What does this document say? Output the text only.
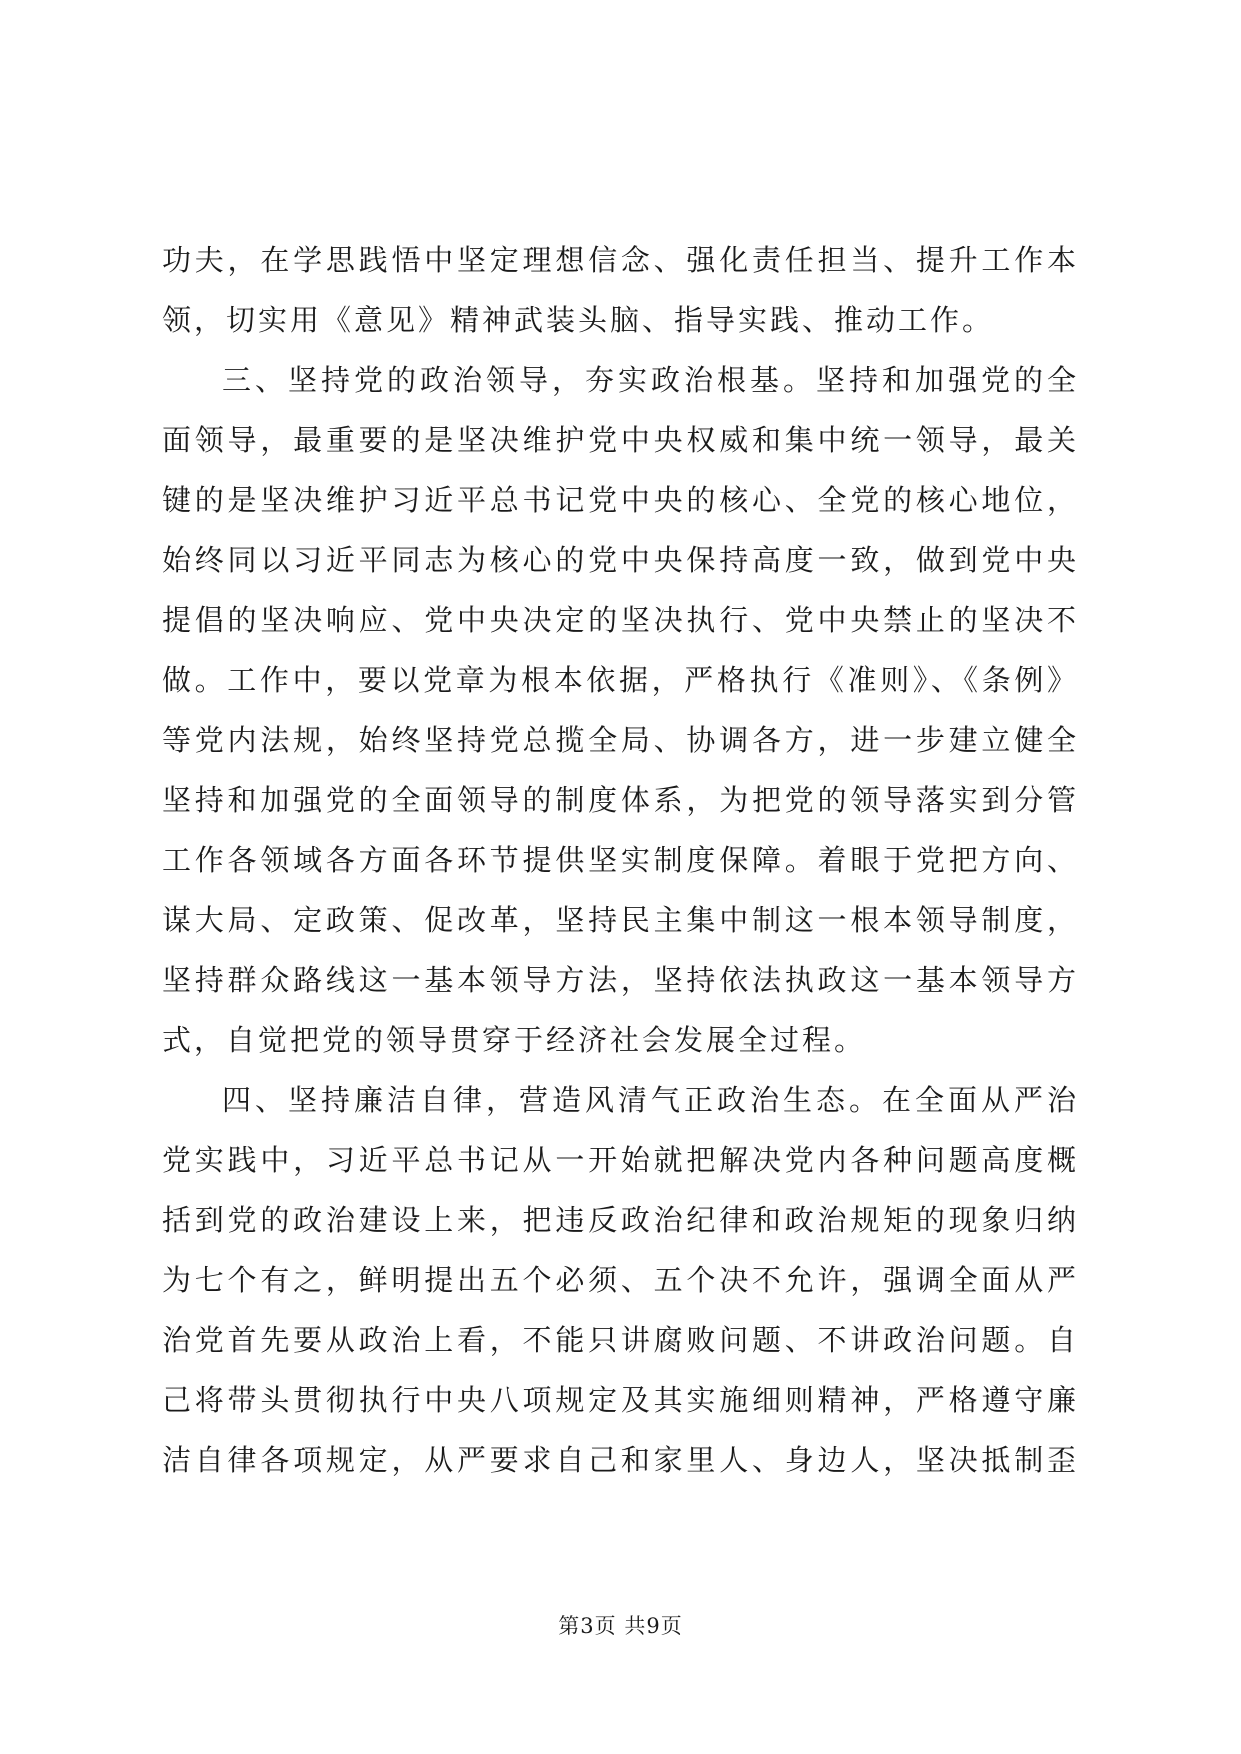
功夫，在学思践悟中坚定理想信念、强化责任担当、提升工作本
领，切实用《意见》精神武装头脑、指导实践、推动工作。
三、坚持党的政治领导，夯实政治根基。坚持和加强党的全
面领导，最重要的是坚决维护党中央权威和集中统一领导，最关
键的是坚决维护习近平总书记党中央的核心、全党的核心地位，
始终同以习近平同志为核心的党中央保持高度一致，做到党中央
提倡的坚决响应、党中央决定的坚决执行、党中央禁止的坚决不
做。工作中，要以党章为根本依据，严格执行《准则》、《条例》
等党内法规，始终坚持党总揽全局、协调各方，进一步建立健全
坚持和加强党的全面领导的制度体系，为把党的领导落实到分管
工作各领域各方面各环节提供坚实制度保障。着眼于党把方向、
谋大局、定政策、促改革，坚持民主集中制这一根本领导制度，
坚持群众路线这一基本领导方法，坚持依法执政这一基本领导方
式，自觉把党的领导贯穿于经济社会发展全过程。
四、坚持廉洁自律，营造风清气正政治生态。在全面从严治
党实践中，习近平总书记从一开始就把解决党内各种问题高度概
括到党的政治建设上来，把违反政治纪律和政治规矩的现象归纳
为七个有之，鲜明提出五个必须、五个决不允许，强调全面从严
治党首先要从政治上看，不能只讲腐败问题、不讲政治问题。自
己将带头贯彻执行中央八项规定及其实施细则精神，严格遵守廉
洁自律各项规定，从严要求自己和家里人、身边人，坚决抵制歪
第3页 共9页
